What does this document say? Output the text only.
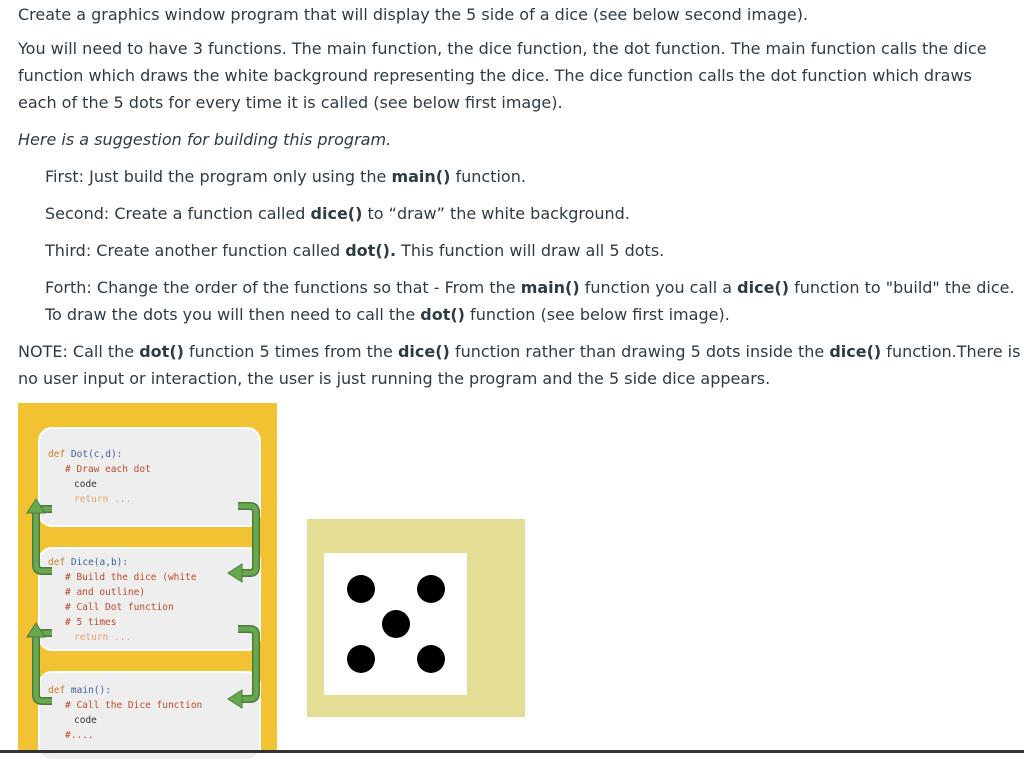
Create a graphics window program that will display the 5 side of a dice (see below second image).
You will need to have 3 functions. The main function, the dice function, the dot function. The main function calls the dice
function which draws the white background representing the dice. The dice function calls the dot function which draws
each of the 5 dots for every time it is called (see below first image).
Here is a suggestion for building this program.
First: Just build the program only using the main() function.
Second: Create a function called dice() to “draw” the white background.
Third: Create another function called dot(). This function will draw all 5 dots.
Forth: Change the order of the functions so that - From the main() function you call a dice() function to "build" the dice.
To draw the dots you will then need to call the dot() function (see below first image).
NOTE: Call the dot() function 5 times from the dice() function rather than drawing 5 dots inside the dice() function.There is
no user input or interaction, the user is just running the program and the 5 side dice appears.
def Dot(c,d):
# Draw each dot
code
return ...
def Dice(a,b):
# Build the dice (white
# and outline)
# Call Dot function
# 5 times
return ...
def main():
# Call the Dice function
code
#....
